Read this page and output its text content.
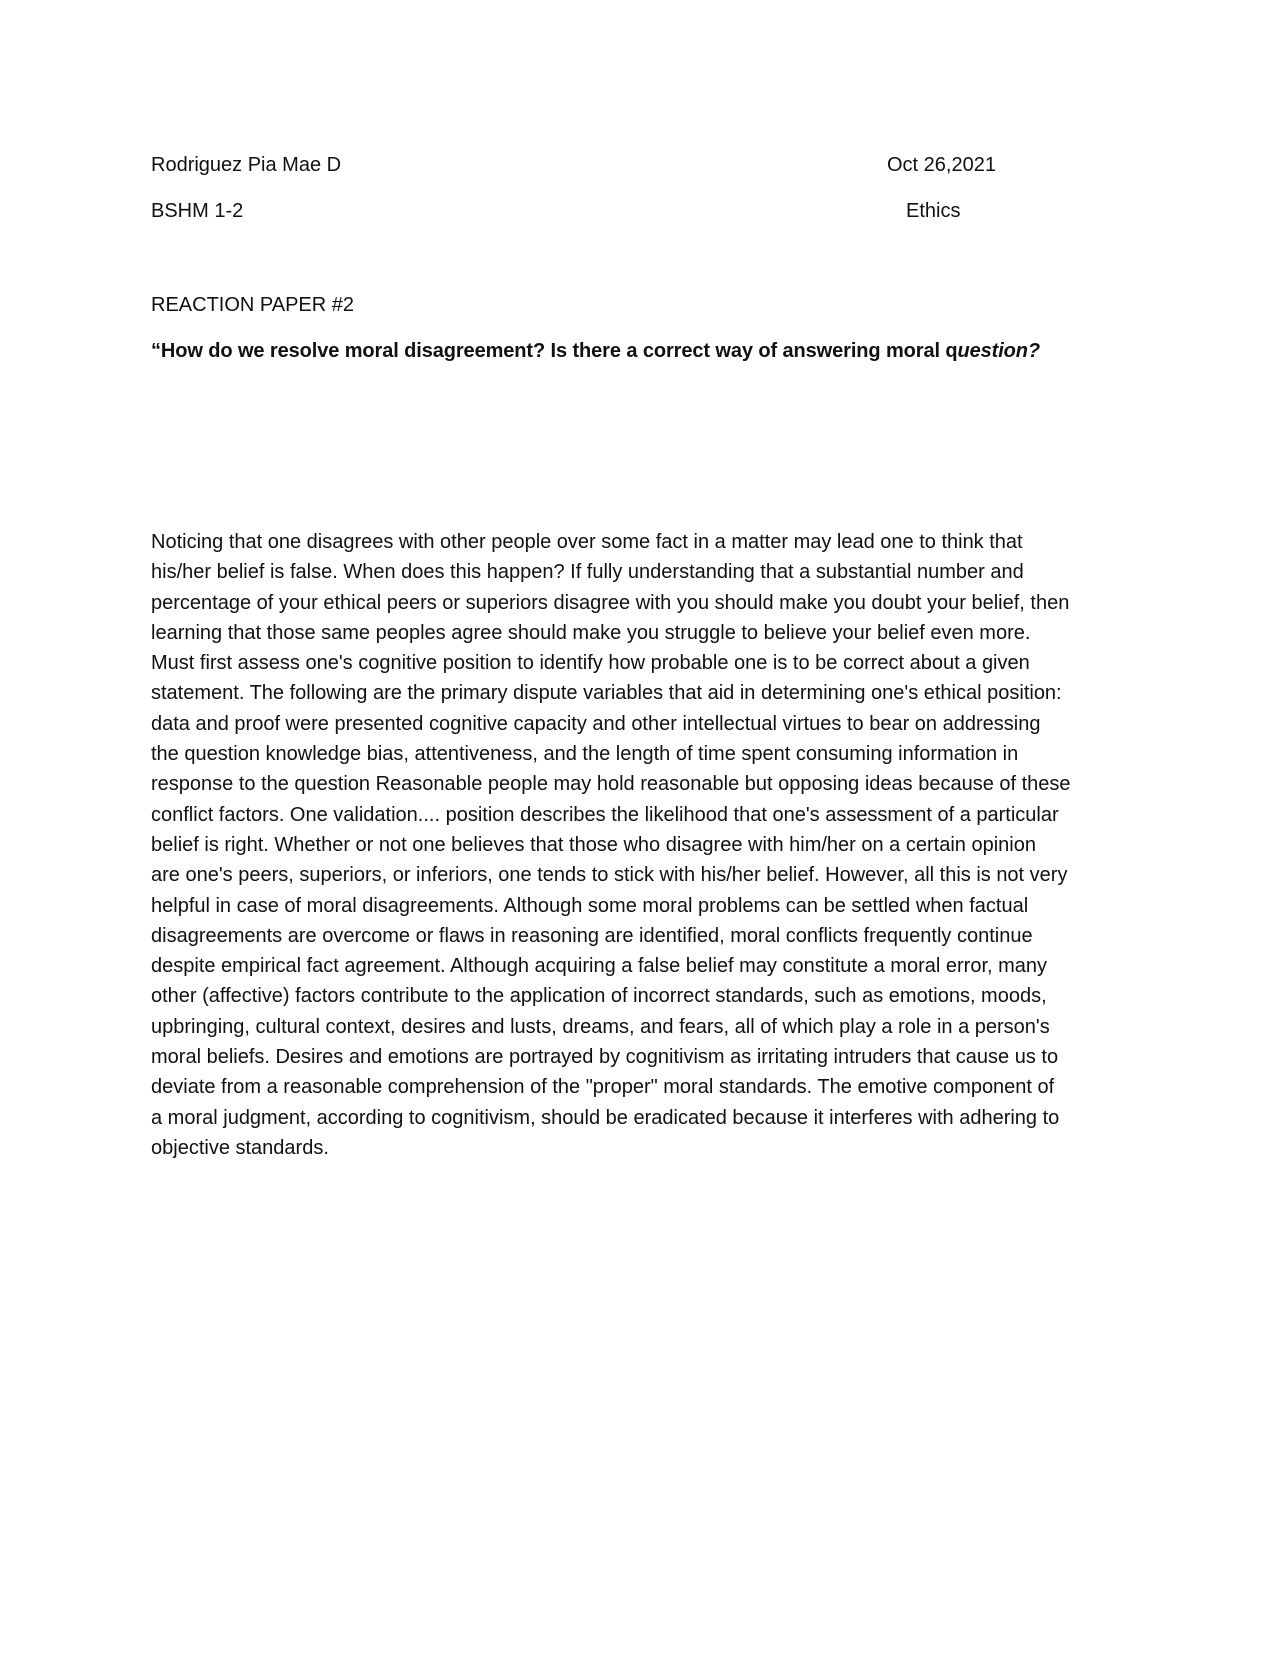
Rodriguez Pia Mae D	Oct 26,2021
BSHM 1-2	Ethics
REACTION PAPER #2
“How do we resolve moral disagreement? Is there a correct way of answering moral question?
Noticing that one disagrees with other people over some fact in a matter may lead one to think that
his/her belief is false. When does this happen? If fully understanding that a substantial number and
percentage of your ethical peers or superiors disagree with you should make you doubt your belief, then
learning that those same peoples agree should make you struggle to believe your belief even more.
Must first assess one's cognitive position to identify how probable one is to be correct about a given
statement. The following are the primary dispute variables that aid in determining one's ethical position:
data and proof were presented cognitive capacity and other intellectual virtues to bear on addressing
the question knowledge bias, attentiveness, and the length of time spent consuming information in
response to the question Reasonable people may hold reasonable but opposing ideas because of these
conflict factors. One validation.... position describes the likelihood that one's assessment of a particular
belief is right. Whether or not one believes that those who disagree with him/her on a certain opinion
are one's peers, superiors, or inferiors, one tends to stick with his/her belief. However, all this is not very
helpful in case of moral disagreements. Although some moral problems can be settled when factual
disagreements are overcome or flaws in reasoning are identified, moral conflicts frequently continue
despite empirical fact agreement. Although acquiring a false belief may constitute a moral error, many
other (affective) factors contribute to the application of incorrect standards, such as emotions, moods,
upbringing, cultural context, desires and lusts, dreams, and fears, all of which play a role in a person's
moral beliefs. Desires and emotions are portrayed by cognitivism as irritating intruders that cause us to
deviate from a reasonable comprehension of the "proper" moral standards. The emotive component of
a moral judgment, according to cognitivism, should be eradicated because it interferes with adhering to
objective standards.
